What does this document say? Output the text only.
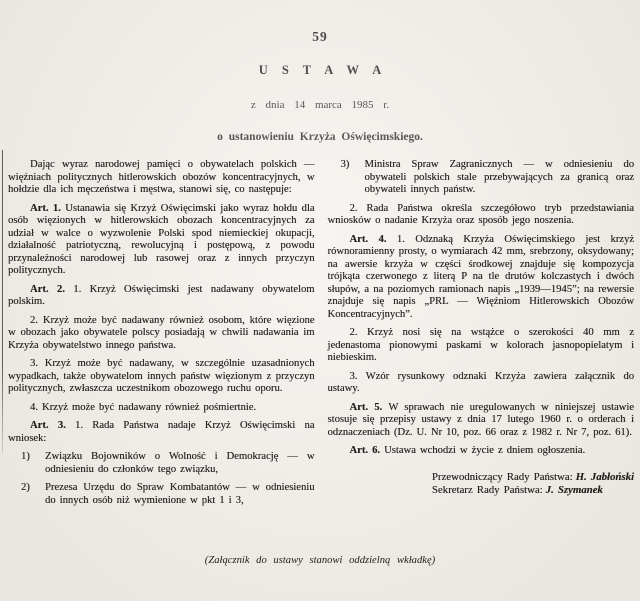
59
U S T A W A
z dnia 14 marca 1985 r.
o ustanowieniu Krzyża Oświęcimskiego.
Dając wyraz narodowej pamięci o obywatelach polskich — więźniach politycznych hitlerowskich obozów koncentracyjnych, w hołdzie dla ich męczeństwa i męstwa, stanowi się, co następuje:
Art. 1. Ustanawia się Krzyż Oświęcimski jako wyraz hołdu dla osób więzionych w hitlerowskich obozach koncentracyjnych za udział w walce o wyzwolenie Polski spod niemieckiej okupacji, działalność patriotyczną, rewolucyjną i postępową, z powodu przynależności narodowej lub rasowej oraz z innych przyczyn politycznych.
Art. 2. 1. Krzyż Oświęcimski jest nadawany obywatelom polskim.
2. Krzyż może być nadawany również osobom, które więzione w obozach jako obywatele polscy posiadają w chwili nadawania im Krzyża obywatelstwo innego państwa.
3. Krzyż może być nadawany, w szczególnie uzasadnionych wypadkach, także obywatelom innych państw więzionym z przyczyn politycznych, zwłaszcza uczestnikom obozowego ruchu oporu.
4. Krzyż może być nadawany również pośmiertnie.
Art. 3. 1. Rada Państwa nadaje Krzyż Oświęcimski na wniosek:
1)	Związku Bojowników o Wolność i Demokrację — w odniesieniu do członków tego związku,
2)	Prezesa Urzędu do Spraw Kombatantów — w odniesieniu do innych osób niż wymienione w pkt 1 i 3,
3)	Ministra Spraw Zagranicznych — w odniesieniu do obywateli polskich stale przebywających za granicą oraz obywateli innych państw.
2. Rada Państwa określa szczegółowo tryb przedstawiania wniosków o nadanie Krzyża oraz sposób jego noszenia.
Art. 4. 1. Odznaką Krzyża Oświęcimskiego jest krzyż równoramienny prosty, o wymiarach 42 mm, srebrzony, oksydowany; na awersie krzyża w części środkowej znajduje się kompozycja trójkąta czerwonego z literą P na tle drutów kolczastych i dwóch słupów, a na poziomych ramionach napis „1939—1945”; na rewersie znajduje się napis „PRL — Więźniom Hitlerowskich Obozów Koncentracyjnych”.
2. Krzyż nosi się na wstążce o szerokości 40 mm z jedenastoma pionowymi paskami w kolorach jasnopopielatym i niebieskim.
3. Wzór rysunkowy odznaki Krzyża zawiera załącznik do ustawy.
Art. 5. W sprawach nie uregulowanych w niniejszej ustawie stosuje się przepisy ustawy z dnia 17 lutego 1960 r. o orderach i odznaczeniach (Dz. U. Nr 10, poz. 66 oraz z 1982 r. Nr 7, poz. 61).
Art. 6. Ustawa wchodzi w życie z dniem ogłoszenia.
Przewodniczący Rady Państwa: H. Jabłoński
Sekretarz Rady Państwa: J. Szymanek
(Załącznik do ustawy stanowi oddzielną wkładkę)
